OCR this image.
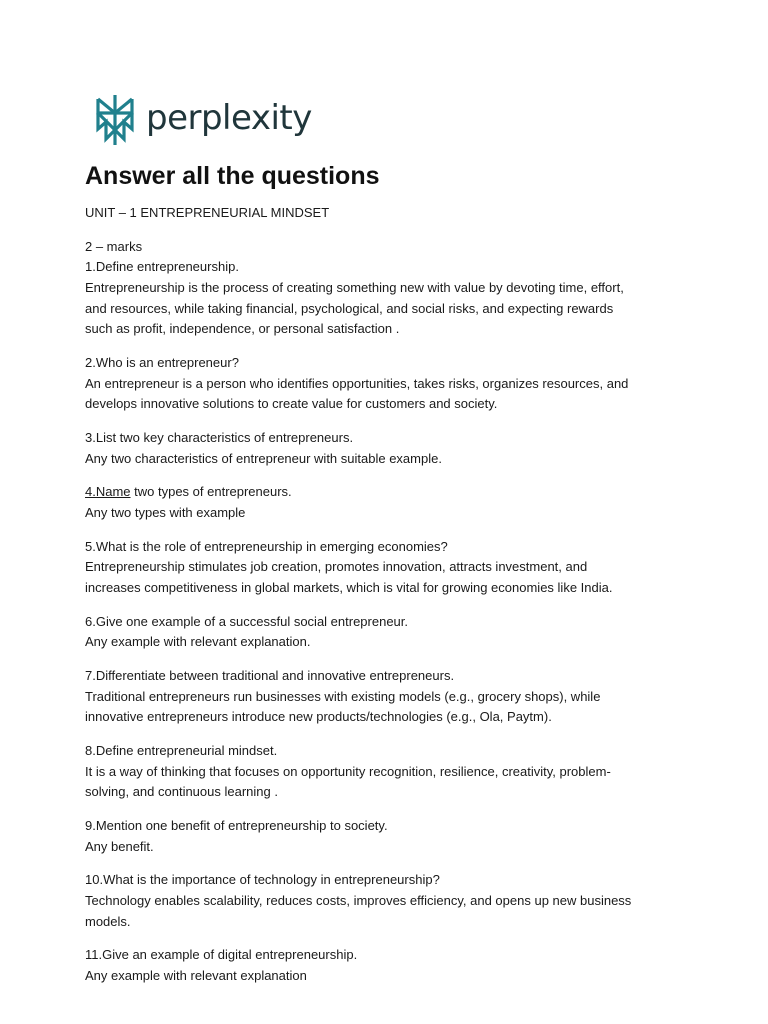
perplexity
Answer all the questions

UNIT – 1 ENTREPRENEURIAL MINDSET

2 – marks

1.Define entrepreneurship.

Entrepreneurship is the process of creating something new with value by devoting time, effort,

and resources, while taking financial, psychological, and social risks, and expecting rewards

such as profit, independence, or personal satisfaction .

2.Who is an entrepreneur?

An entrepreneur is a person who identifies opportunities, takes risks, organizes resources, and

develops innovative solutions to create value for customers and society.

3.List two key characteristics of entrepreneurs.

Any two characteristics of entrepreneur with suitable example.

4.Name two types of entrepreneurs.

Any two types with example

5.What is the role of entrepreneurship in emerging economies?

Entrepreneurship stimulates job creation, promotes innovation, attracts investment, and

increases competitiveness in global markets, which is vital for growing economies like India.

6.Give one example of a successful social entrepreneur.

Any example with relevant explanation.

7.Differentiate between traditional and innovative entrepreneurs.

Traditional entrepreneurs run businesses with existing models (e.g., grocery shops), while

innovative entrepreneurs introduce new products/technologies (e.g., Ola, Paytm).

8.Define entrepreneurial mindset.

It is a way of thinking that focuses on opportunity recognition, resilience, creativity, problem-

solving, and continuous learning .

9.Mention one benefit of entrepreneurship to society.

Any benefit.

10.What is the importance of technology in entrepreneurship?

Technology enables scalability, reduces costs, improves efficiency, and opens up new business

models.

11.Give an example of digital entrepreneurship.

Any example with relevant explanation
